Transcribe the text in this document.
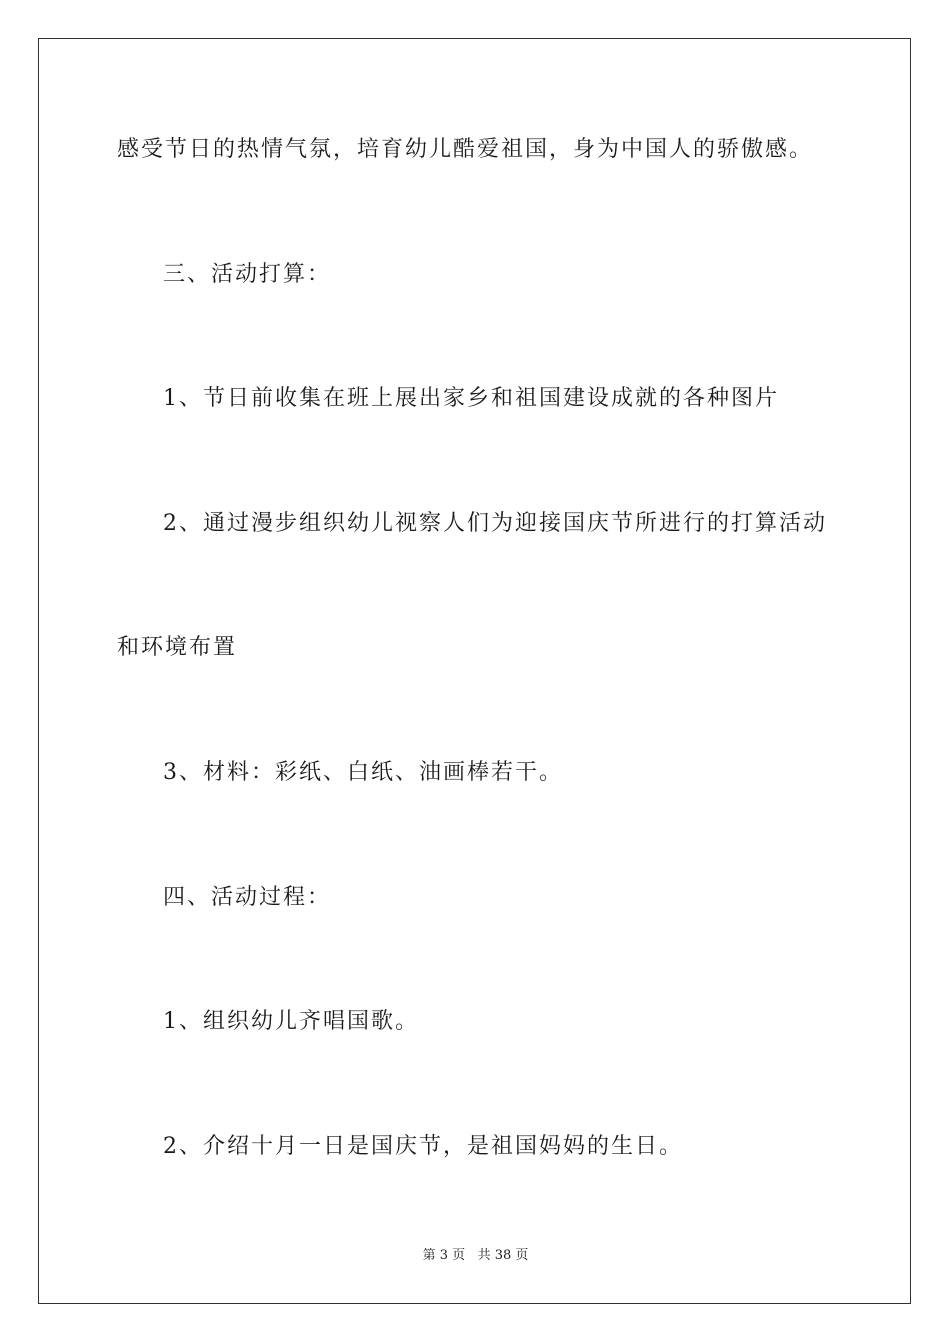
感受节日的热情气氛，培育幼儿酷爱祖国，身为中国人的骄傲感。
三、活动打算：
1、节日前收集在班上展出家乡和祖国建设成就的各种图片
2、通过漫步组织幼儿视察人们为迎接国庆节所进行的打算活动
和环境布置
3、材料：彩纸、白纸、油画棒若干。
四、活动过程：
1、组织幼儿齐唱国歌。
2、介绍十月一日是国庆节，是祖国妈妈的生日。
第 3 页 共 38 页
